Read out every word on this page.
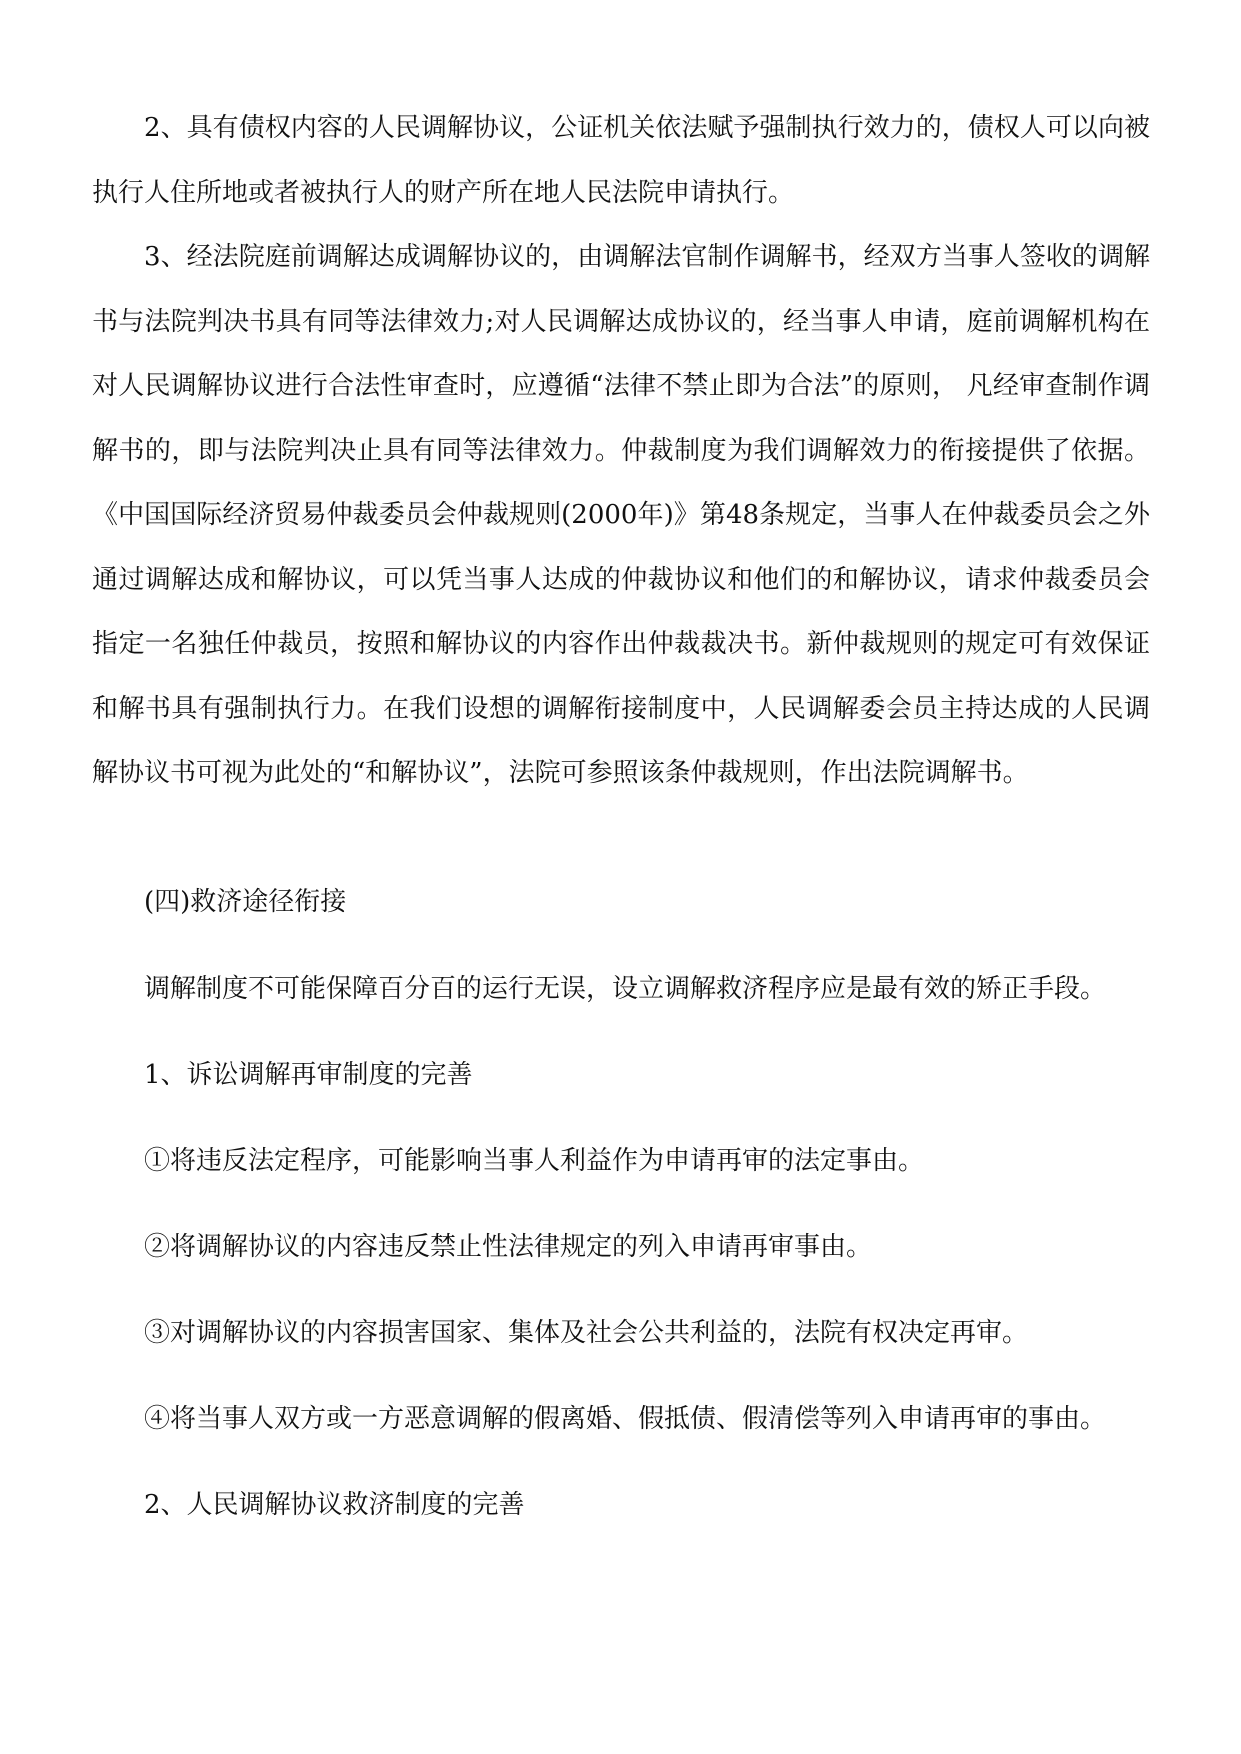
2、具有债权内容的人民调解协议，公证机关依法赋予强制执行效力的，债权人可以向被执行人住所地或者被执行人的财产所在地人民法院申请执行。

3、经法院庭前调解达成调解协议的，由调解法官制作调解书，经双方当事人签收的调解书与法院判决书具有同等法律效力;对人民调解达成协议的，经当事人申请，庭前调解机构在对人民调解协议进行合法性审查时，应遵循“法律不禁止即为合法”的原则， 凡经审查制作调解书的，即与法院判决止具有同等法律效力。仲裁制度为我们调解效力的衔接提供了依据。《中国国际经济贸易仲裁委员会仲裁规则(2000年)》第48条规定，当事人在仲裁委员会之外通过调解达成和解协议，可以凭当事人达成的仲裁协议和他们的和解协议，请求仲裁委员会指定一名独任仲裁员，按照和解协议的内容作出仲裁裁决书。新仲裁规则的规定可有效保证和解书具有强制执行力。在我们设想的调解衔接制度中，人民调解委会员主持达成的人民调解协议书可视为此处的“和解协议”，法院可参照该条仲裁规则，作出法院调解书。

(四)救济途径衔接

调解制度不可能保障百分百的运行无误，设立调解救济程序应是最有效的矫正手段。

1、诉讼调解再审制度的完善

①将违反法定程序，可能影响当事人利益作为申请再审的法定事由。

②将调解协议的内容违反禁止性法律规定的列入申请再审事由。

③对调解协议的内容损害国家、集体及社会公共利益的，法院有权决定再审。

④将当事人双方或一方恶意调解的假离婚、假抵债、假清偿等列入申请再审的事由。

2、人民调解协议救济制度的完善
